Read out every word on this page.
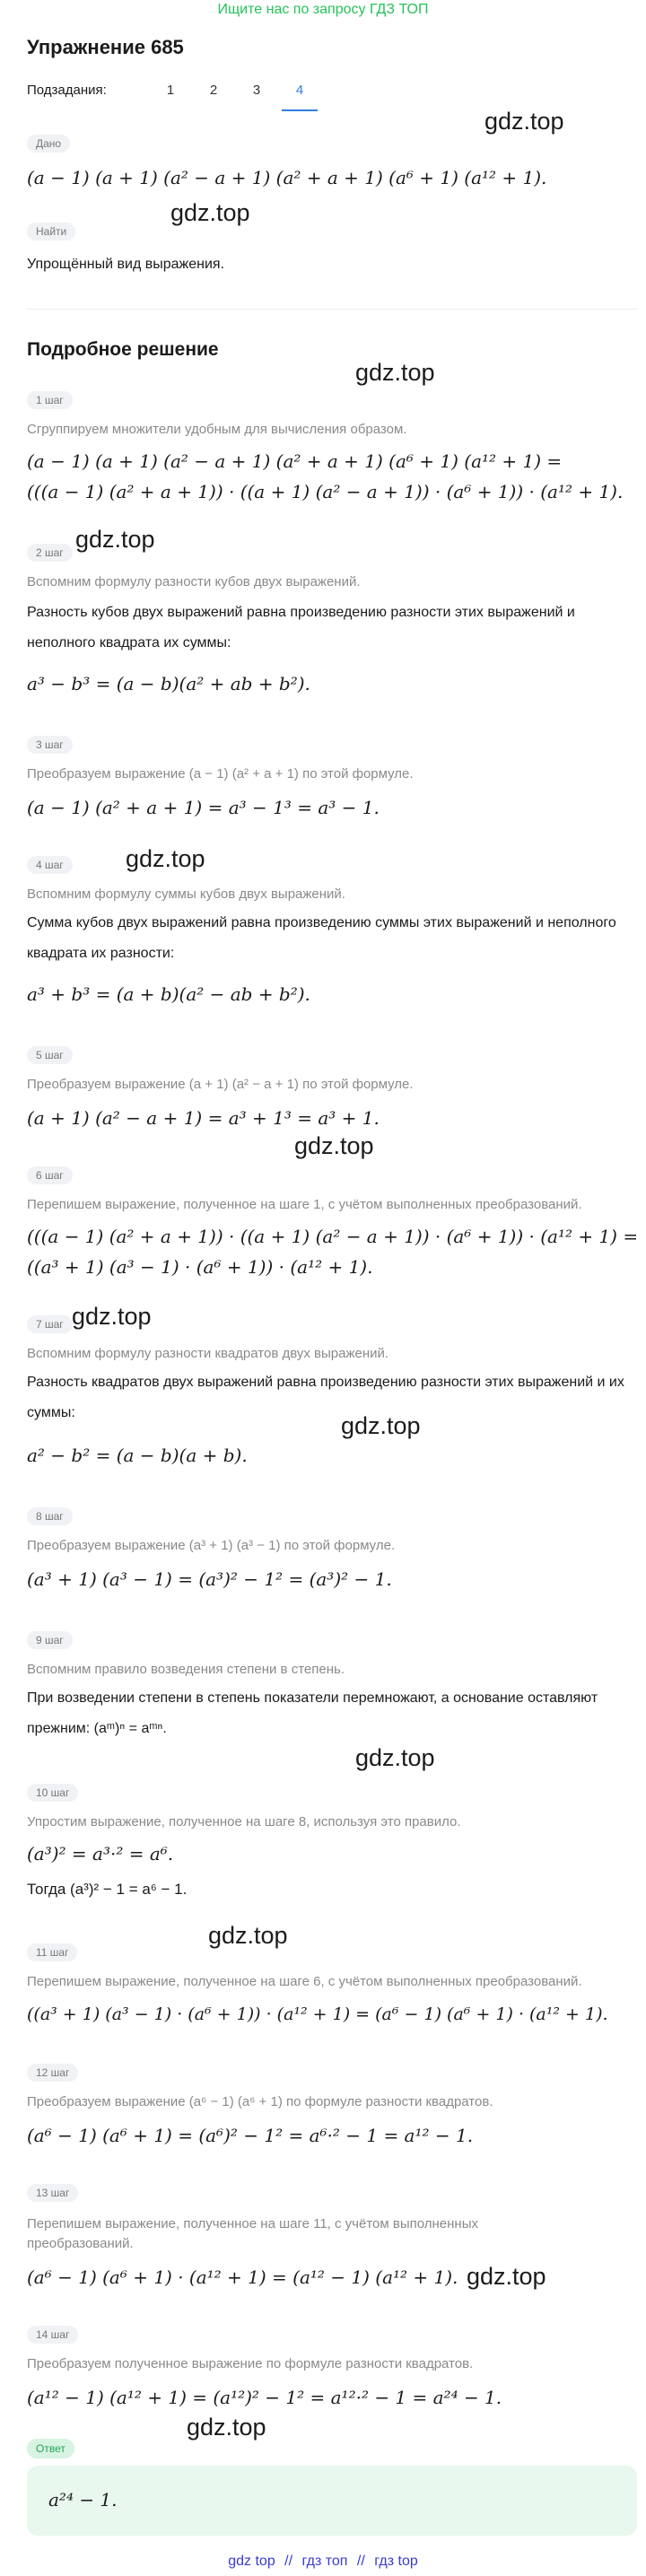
Ищите нас по запросу ГДЗ ТОП
Упражнение 685
Подзадания:	1	2	3	4
Дано
(a − 1) (a + 1) (a² − a + 1) (a² + a + 1) (a⁶ + 1) (a¹² + 1).
Найти
Упрощённый вид выражения.
Подробное решение
1 шаг
Сгруппируем множители удобным для вычисления образом.
(a − 1) (a + 1) (a² − a + 1) (a² + a + 1) (a⁶ + 1) (a¹² + 1) =
(((a − 1) (a² + a + 1)) · ((a + 1) (a² − a + 1)) · (a⁶ + 1)) · (a¹² + 1).
2 шаг
Вспомним формулу разности кубов двух выражений.
Разность кубов двух выражений равна произведению разности этих выражений и неполного квадрата их суммы:
a³ − b³ = (a − b)(a² + ab + b²).
3 шаг
Преобразуем выражение (a − 1) (a² + a + 1) по этой формуле.
(a − 1) (a² + a + 1) = a³ − 1³ = a³ − 1.
4 шаг
Вспомним формулу суммы кубов двух выражений.
Сумма кубов двух выражений равна произведению суммы этих выражений и неполного квадрата их разности:
a³ + b³ = (a + b)(a² − ab + b²).
5 шаг
Преобразуем выражение (a + 1) (a² − a + 1) по этой формуле.
(a + 1) (a² − a + 1) = a³ + 1³ = a³ + 1.
6 шаг
Перепишем выражение, полученное на шаге 1, с учётом выполненных преобразований.
(((a − 1) (a² + a + 1)) · ((a + 1) (a² − a + 1)) · (a⁶ + 1)) · (a¹² + 1) =
((a³ + 1) (a³ − 1) · (a⁶ + 1)) · (a¹² + 1).
7 шаг
Вспомним формулу разности квадратов двух выражений.
Разность квадратов двух выражений равна произведению разности этих выражений и их суммы:
a² − b² = (a − b)(a + b).
8 шаг
Преобразуем выражение (a³ + 1) (a³ − 1) по этой формуле.
(a³ + 1) (a³ − 1) = (a³)² − 1² = (a³)² − 1.
9 шаг
Вспомним правило возведения степени в степень.
При возведении степени в степень показатели перемножают, а основание оставляют прежним: (aᵐ)ⁿ = aᵐⁿ.
10 шаг
Упростим выражение, полученное на шаге 8, используя это правило.
(a³)² = a³·² = a⁶.
Тогда (a³)² − 1 = a⁶ − 1.
11 шаг
Перепишем выражение, полученное на шаге 6, с учётом выполненных преобразований.
((a³ + 1) (a³ − 1) · (a⁶ + 1)) · (a¹² + 1) = (a⁶ − 1) (a⁶ + 1) · (a¹² + 1).
12 шаг
Преобразуем выражение (a⁶ − 1) (a⁶ + 1) по формуле разности квадратов.
(a⁶ − 1) (a⁶ + 1) = (a⁶)² − 1² = a⁶·² − 1 = a¹² − 1.
13 шаг
Перепишем выражение, полученное на шаге 11, с учётом выполненных преобразований.
(a⁶ − 1) (a⁶ + 1) · (a¹² + 1) = (a¹² − 1) (a¹² + 1).
14 шаг
Преобразуем полученное выражение по формуле разности квадратов.
(a¹² − 1) (a¹² + 1) = (a¹²)² − 1² = a¹²·² − 1 = a²⁴ − 1.
Ответ
a²⁴ − 1.
gdz.top
gdz.top
gdz.top
gdz.top
gdz.top
gdz.top
gdz.top
gdz.top
gdz.top
gdz.top
gdz.top
gdz.top
gdz top // гдз топ // гдз top
